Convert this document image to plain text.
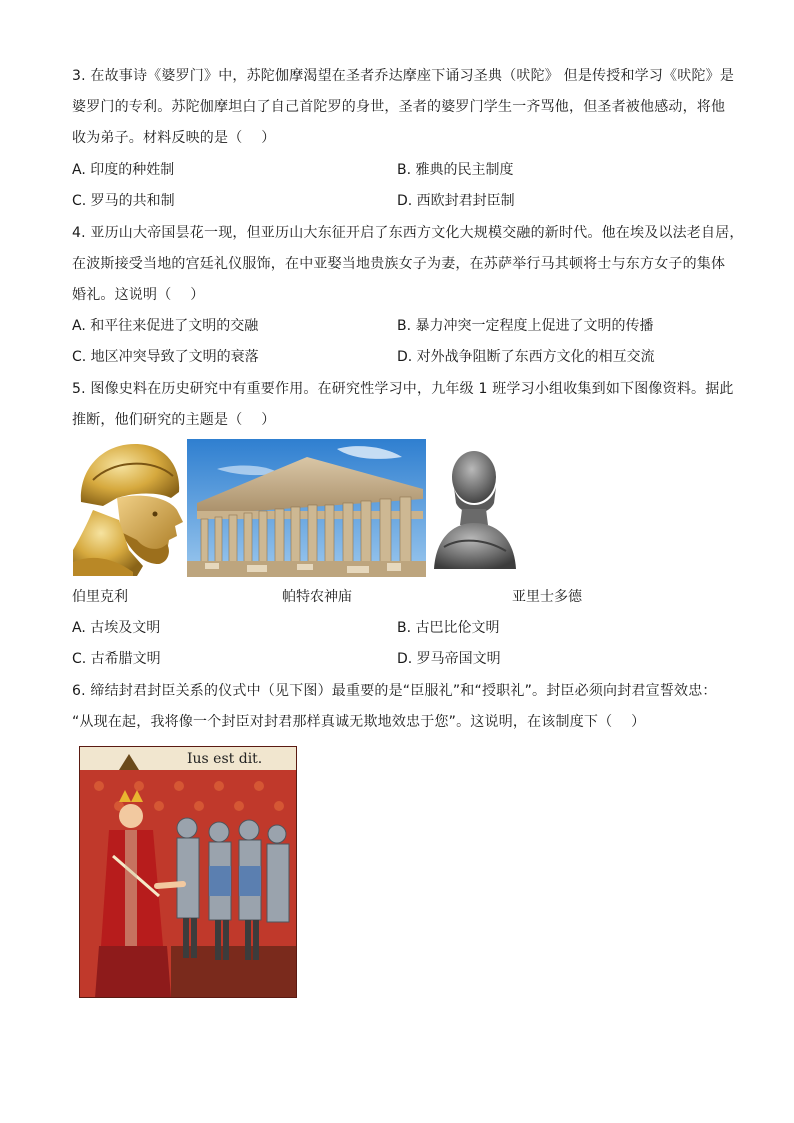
3. 在故事诗《婆罗门》中，苏陀伽摩渴望在圣者乔达摩座下诵习圣典（吠陀》 但是传授和学习《吠陀》是
婆罗门的专利。苏陀伽摩坦白了自己首陀罗的身世，圣者的婆罗门学生一齐骂他，但圣者被他感动，将他
收为弟子。材料反映的是（　 ）
A. 印度的种姓制	B. 雅典的民主制度
C. 罗马的共和制	D. 西欧封君封臣制
4. 亚历山大帝国昙花一现，但亚历山大东征开启了东西方文化大规模交融的新时代。他在埃及以法老自居，
在波斯接受当地的宫廷礼仪服饰，在中亚娶当地贵族女子为妻，在苏萨举行马其顿将士与东方女子的集体
婚礼。这说明（　 ）
A. 和平往来促进了文明的交融	B. 暴力冲突一定程度上促进了文明的传播
C. 地区冲突导致了文明的衰落	D. 对外战争阻断了东西方文化的相互交流
5. 图像史料在历史研究中有重要作用。在研究性学习中，九年级 1 班学习小组收集到如下图像资料。据此
推断，他们研究的主题是（　 ）
伯里克利	帕特农神庙	亚里士多德
A. 古埃及文明	B. 古巴比伦文明
C. 古希腊文明	D. 罗马帝国文明
6. 缔结封君封臣关系的仪式中（见下图）最重要的是“臣服礼”和“授职礼”。封臣必须向封君宣誓效忠：
“从现在起，我将像一个封臣对封君那样真诚无欺地效忠于您”。这说明，在该制度下（　 ）
Ius est dit.
